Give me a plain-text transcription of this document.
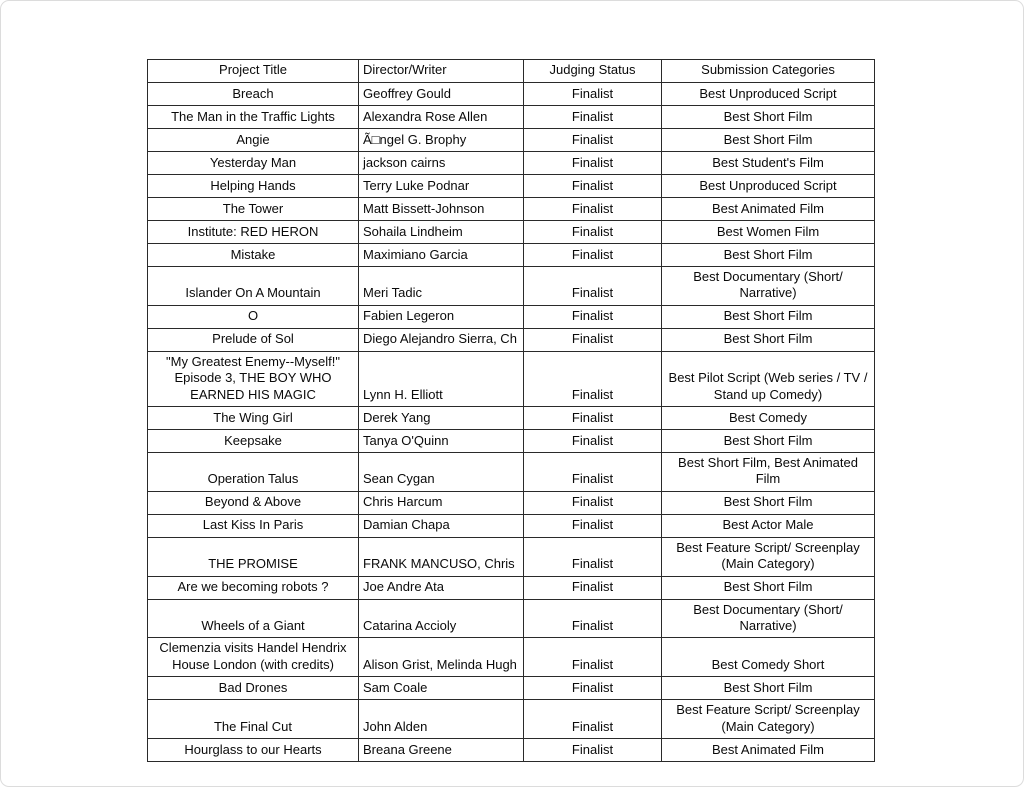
Project Title	Director/Writer	Judging Status	Submission Categories
Breach	Geoffrey Gould	Finalist	Best Unproduced Script
The Man in the Traffic Lights	Alexandra Rose Allen	Finalist	Best Short Film
Angie	Ã□ngel G. Brophy	Finalist	Best Short Film
Yesterday Man	jackson cairns	Finalist	Best Student's Film
Helping Hands	Terry Luke Podnar	Finalist	Best Unproduced Script
The Tower	Matt Bissett-Johnson	Finalist	Best Animated Film
Institute: RED HERON	Sohaila Lindheim	Finalist	Best Women Film
Mistake	Maximiano Garcia	Finalist	Best Short Film
Islander On A Mountain	Meri Tadic	Finalist	Best Documentary (Short/ Narrative)
O	Fabien Legeron	Finalist	Best Short Film
Prelude of Sol	Diego Alejandro Sierra, Ch	Finalist	Best Short Film
"My Greatest Enemy--Myself!" Episode 3, THE BOY WHO EARNED HIS MAGIC	Lynn H. Elliott	Finalist	Best Pilot Script (Web series / TV / Stand up Comedy)
The Wing Girl	Derek Yang	Finalist	Best Comedy
Keepsake	Tanya O'Quinn	Finalist	Best Short Film
Operation Talus	Sean Cygan	Finalist	Best Short Film, Best Animated Film
Beyond & Above	Chris Harcum	Finalist	Best Short Film
Last Kiss In Paris	Damian Chapa	Finalist	Best Actor Male
THE PROMISE	FRANK MANCUSO, Chris	Finalist	Best Feature Script/ Screenplay (Main Category)
Are we becoming robots ?	Joe Andre Ata	Finalist	Best Short Film
Wheels of a Giant	Catarina Accioly	Finalist	Best Documentary (Short/ Narrative)
Clemenzia visits Handel Hendrix House London (with credits)	Alison Grist, Melinda Hugh	Finalist	Best Comedy Short
Bad Drones	Sam Coale	Finalist	Best Short Film
The Final Cut	John Alden	Finalist	Best Feature Script/ Screenplay (Main Category)
Hourglass to our Hearts	Breana Greene	Finalist	Best Animated Film
